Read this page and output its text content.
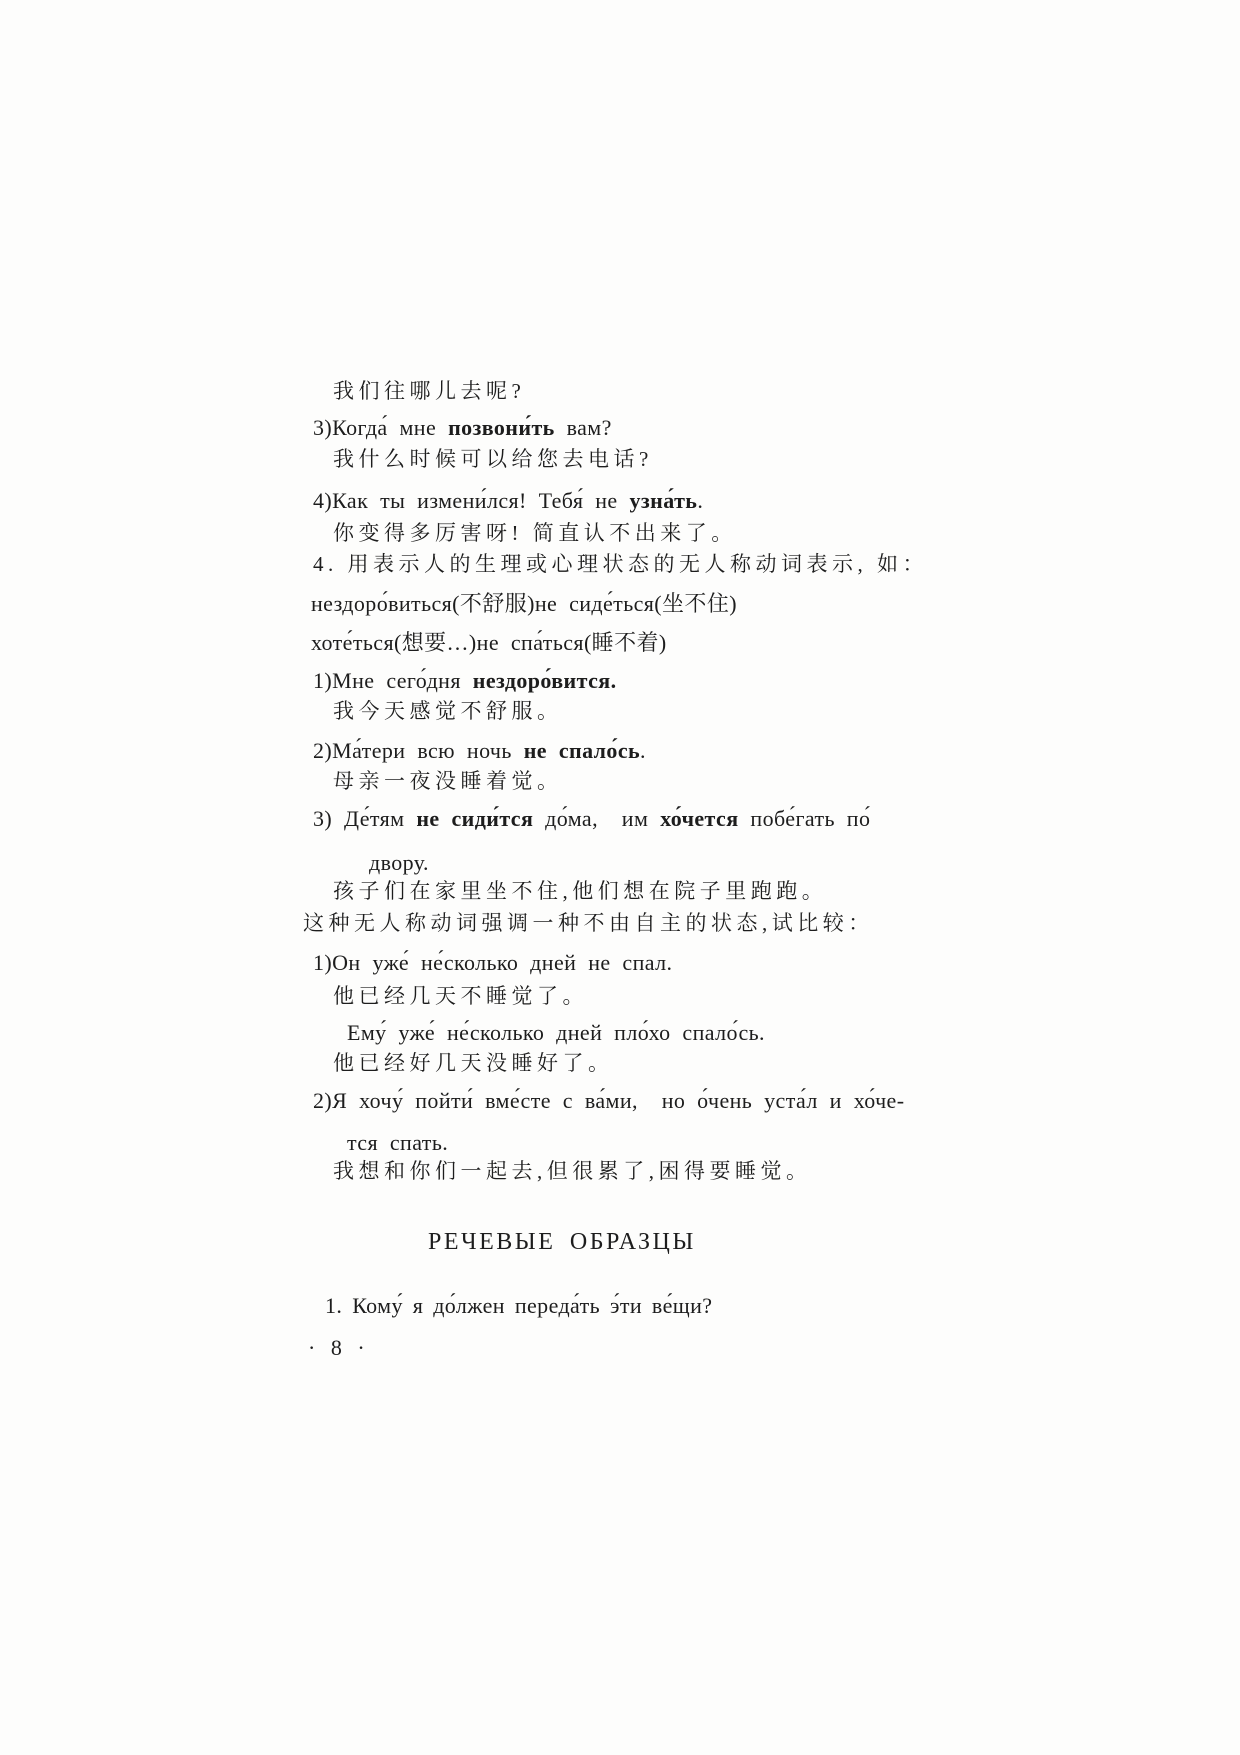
我们往哪儿去呢?
3)Когда́ мне позвони́ть вам?
我什么时候可以给您去电话?
4)Как ты измени́лся! Тебя́ не узна́ть.
你变得多厉害呀! 简直认不出来了。
4. 用表示人的生理或心理状态的无人称动词表示, 如：
нездоро́виться(不舒服)не сиде́ться(坐不住)
хоте́ться(想要…)не спа́ться(睡不着)
1)Мне сего́дня нездоро́вится.
我今天感觉不舒服。
2)Ма́тери всю ночь не спало́сь.
母亲一夜没睡着觉。
3) Де́тям не сиди́тся до́ма,  им хо́чется побе́гать по́
двору.
孩子们在家里坐不住,他们想在院子里跑跑。
这种无人称动词强调一种不由自主的状态,试比较：
1)Он уже́ не́сколько дней не спал.
他已经几天不睡觉了。
Ему́ уже́ не́сколько дней пло́хо спало́сь.
他已经好几天没睡好了。
2)Я хочу́ пойти́ вме́сте с ва́ми,  но о́чень уста́л и хо́че-
тся спать.
我想和你们一起去,但很累了,困得要睡觉。
РЕЧЕВЫЕ ОБРАЗЦЫ
1. Кому́ я до́лжен переда́ть э́ти ве́щи?
· 8 ·
